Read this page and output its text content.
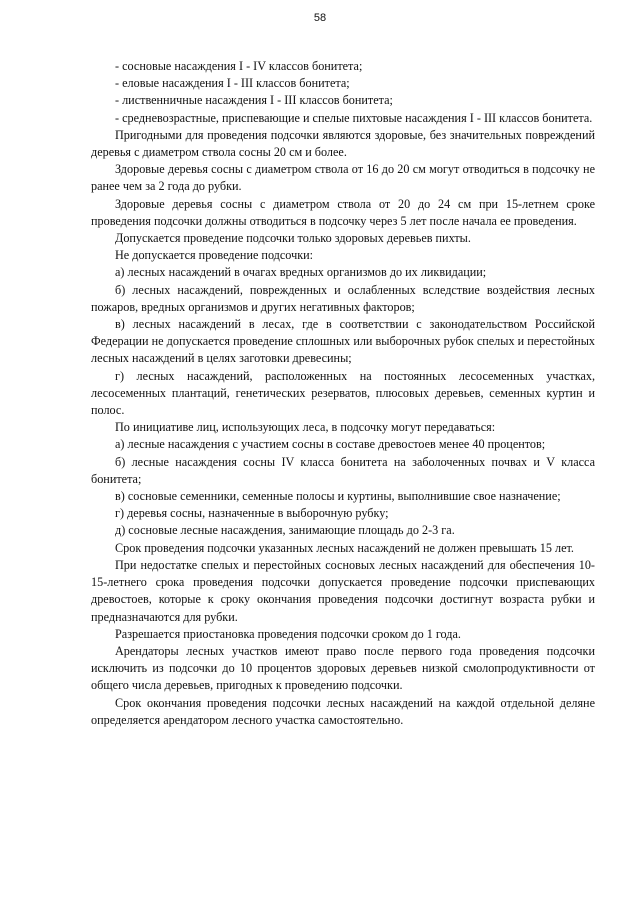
58

- сосновые насаждения I - IV классов бонитета;

- еловые насаждения I - III классов бонитета;

- лиственничные насаждения I - III классов бонитета;

- средневозрастные, приспевающие и спелые пихтовые насаждения I - III классов бонитета.

Пригодными для проведения подсочки являются здоровые, без значительных повреждений деревья с диаметром ствола сосны 20 см и более.

Здоровые деревья сосны с диаметром ствола от 16 до 20 см могут отводиться в подсочку не ранее чем за 2 года до рубки.

Здоровые деревья сосны с диаметром ствола от 20 до 24 см при 15-летнем сроке проведения подсочки должны отводиться в подсочку через 5 лет после начала ее проведения.

Допускается проведение подсочки только здоровых деревьев пихты.

Не допускается проведение подсочки:

а) лесных насаждений в очагах вредных организмов до их ликвидации;

б) лесных насаждений, поврежденных и ослабленных вследствие воздействия лесных пожаров, вредных организмов и других негативных факторов;

в) лесных насаждений в лесах, где в соответствии с законодательством Российской Федерации не допускается проведение сплошных или выборочных рубок спелых и перестойных лесных насаждений в целях заготовки древесины;

г) лесных насаждений, расположенных на постоянных лесосеменных участках, лесосеменных плантаций, генетических резерватов, плюсовых деревьев, семенных куртин и полос.

По инициативе лиц, использующих леса, в подсочку могут передаваться:

а) лесные насаждения с участием сосны в составе древостоев менее 40 процентов;

б) лесные насаждения сосны IV класса бонитета на заболоченных почвах и V класса бонитета;

в) сосновые семенники, семенные полосы и куртины, выполнившие свое назначение;

г) деревья сосны, назначенные в выборочную рубку;

д) сосновые лесные насаждения, занимающие площадь до 2-3 га.

Срок проведения подсочки указанных лесных насаждений не должен превышать 15 лет.

При недостатке спелых и перестойных сосновых лесных насаждений для обеспечения 10-15-летнего срока проведения подсочки допускается проведение подсочки приспевающих древостоев, которые к сроку окончания проведения подсочки достигнут возраста рубки и предназначаются для рубки.

Разрешается приостановка проведения подсочки сроком до 1 года.

Арендаторы лесных участков имеют право после первого года проведения подсочки исключить из подсочки до 10 процентов здоровых деревьев низкой смолопродуктивности от общего числа деревьев, пригодных к проведению подсочки.

Срок окончания проведения подсочки лесных насаждений на каждой отдельной деляне определяется арендатором лесного участка самостоятельно.
